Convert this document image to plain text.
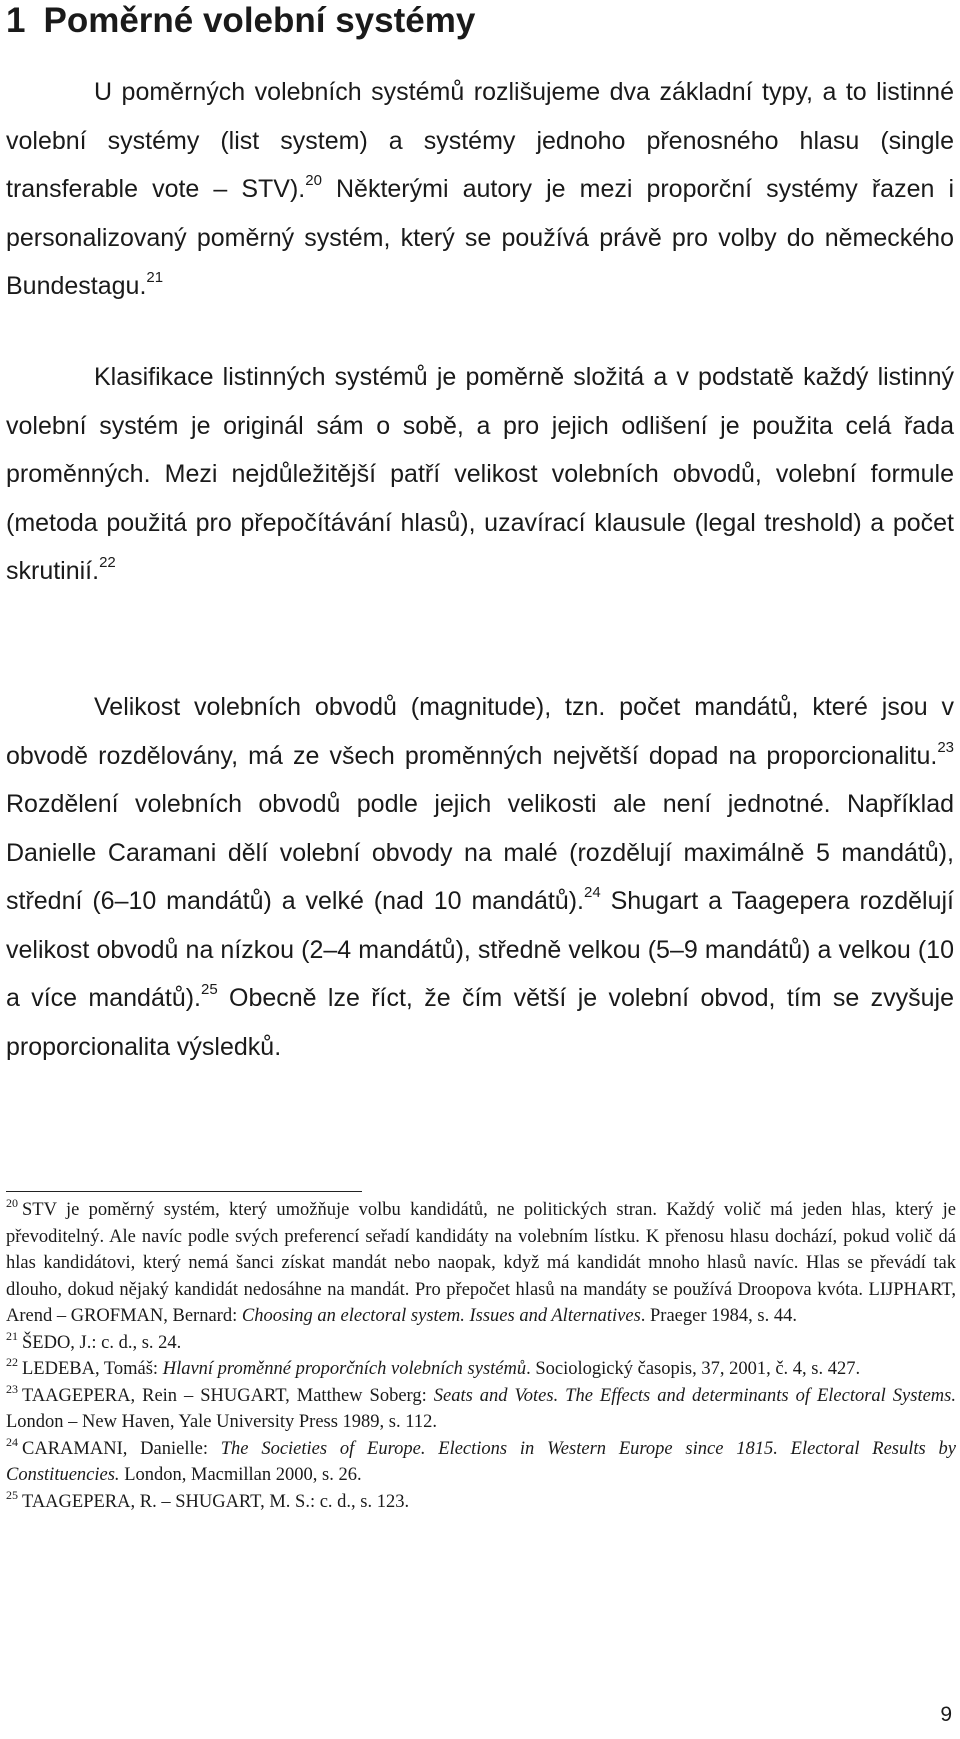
1 Poměrné volební systémy

U poměrných volebních systémů rozlišujeme dva základní typy, a to listinné volební systémy (list system) a systémy jednoho přenosného hlasu (single transferable vote – STV).$^{20}$ Některými autory je mezi proporční systémy řazen i personalizovaný poměrný systém, který se používá právě pro volby do německého Bundestagu.$^{21}$

Klasifikace listinných systémů je poměrně složitá a v podstatě každý listinný volební systém je originál sám o sobě, a pro jejich odlišení je použita celá řada proměnných. Mezi nejdůležitější patří velikost volebních obvodů, volební formule (metoda použitá pro přepočítávání hlasů), uzavírací klausule (legal treshold) a počet skrutinií.$^{22}$

Velikost volebních obvodů (magnitude), tzn. počet mandátů, které jsou v obvodě rozdělovány, má ze všech proměnných největší dopad na proporcionalitu.$^{23}$ Rozdělení volebních obvodů podle jejich velikosti ale není jednotné. Například Danielle Caramani dělí volební obvody na malé (rozdělují maximálně 5 mandátů), střední (6–10 mandátů) a velké (nad 10 mandátů).$^{24}$ Shugart a Taagepera rozdělují velikost obvodů na nízkou (2–4 mandátů), středně velkou (5–9 mandátů) a velkou (10 a více mandátů).$^{25}$ Obecně lze říct, že čím větší je volební obvod, tím se zvyšuje proporcionalita výsledků.

$^{20}$ STV je poměrný systém, který umožňuje volbu kandidátů, ne politických stran. Každý volič má jeden hlas, který je převoditelný. Ale navíc podle svých preferencí seřadí kandidáty na volebním lístku. K přenosu hlasu dochází, pokud volič dá hlas kandidátovi, který nemá šanci získat mandát nebo naopak, když má kandidát mnoho hlasů navíc. Hlas se převádí tak dlouho, dokud nějaký kandidát nedosáhne na mandát. Pro přepočet hlasů na mandáty se používá Droopova kvóta. LIJPHART, Arend – GROFMAN, Bernard: Choosing an electoral system. Issues and Alternatives. Praeger 1984, s. 44.
$^{21}$ ŠEDO, J.: c. d., s. 24.
$^{22}$ LEDEBA, Tomáš: Hlavní proměnné proporčních volebních systémů. Sociologický časopis, 37, 2001, č. 4, s. 427.
$^{23}$ TAAGEPERA, Rein – SHUGART, Matthew Soberg: Seats and Votes. The Effects and determinants of Electoral Systems. London – New Haven, Yale University Press 1989, s. 112.
$^{24}$ CARAMANI, Danielle: The Societies of Europe. Elections in Western Europe since 1815. Electoral Results by Constituencies. London, Macmillan 2000, s. 26.
$^{25}$ TAAGEPERA, R. – SHUGART, M. S.: c. d., s. 123.
9
